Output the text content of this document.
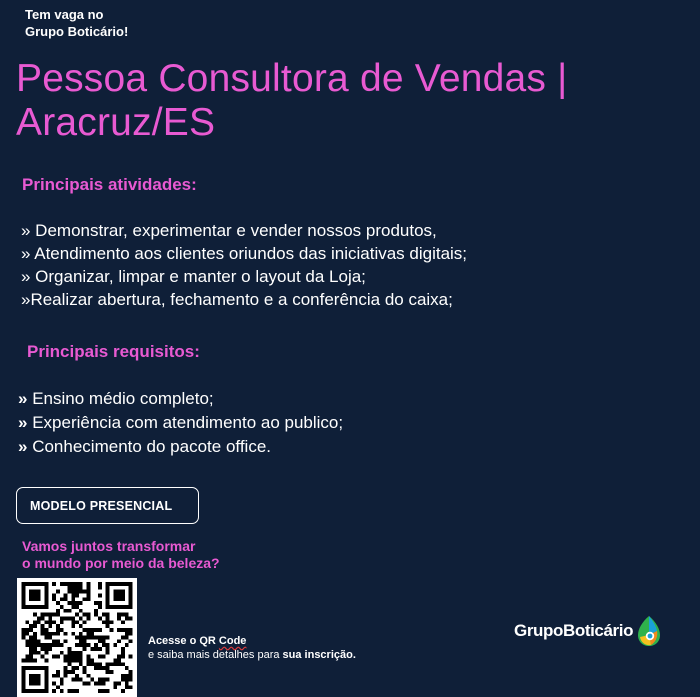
Tem vaga no
Grupo Boticário!
Pessoa Consultora de Vendas |
Aracruz/ES
Principais atividades:
» Demonstrar, experimentar e vender nossos produtos,
» Atendimento aos clientes oriundos das iniciativas digitais;
» Organizar, limpar e manter o layout da Loja;
»Realizar abertura, fechamento e a conferência do caixa;
Principais requisitos:
» Ensino médio completo;
» Experiência com atendimento ao publico;
» Conhecimento do pacote office.
MODELO PRESENCIAL
Vamos juntos transformar
o mundo por meio da beleza?
Acesse o QR Code
e saiba mais detalhes para sua inscrição.
GrupoBoticário
